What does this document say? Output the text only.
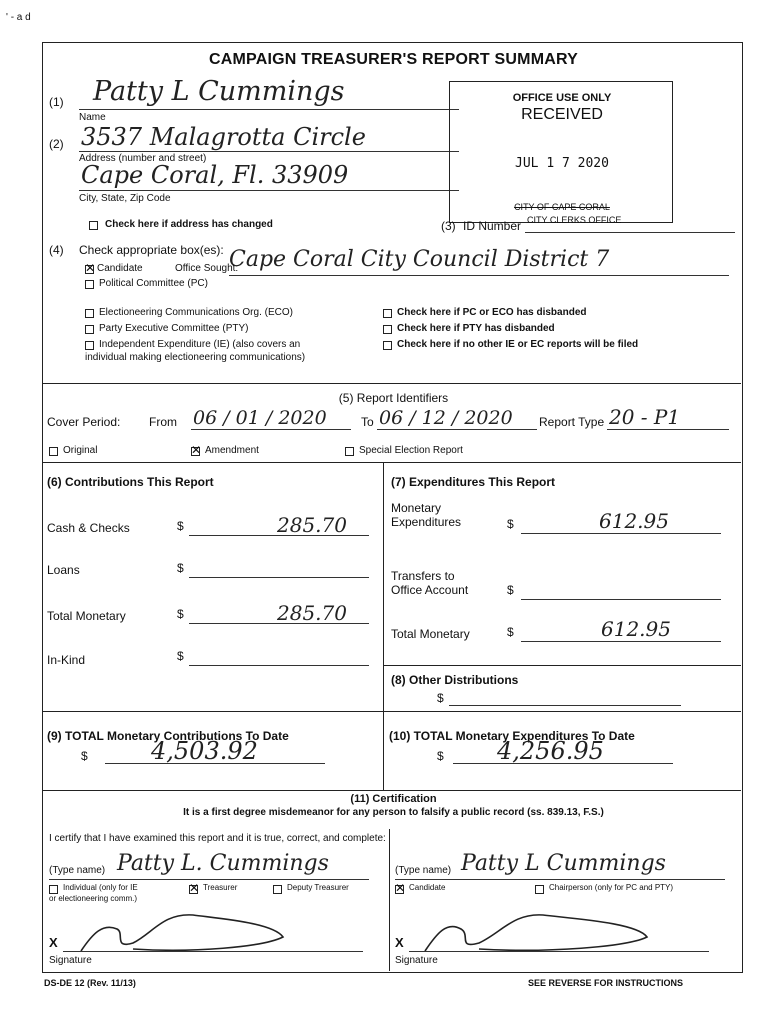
' - a d
CAMPAIGN TREASURER'S REPORT SUMMARY
(1) Patty L Cummings
Name
(2) 3537 Malagrotta Circle
Address (number and street)
Cape Coral, Fl. 33909
City, State, Zip Code
Check here if address has changed
OFFICE USE ONLY
RECEIVED
JUL 1 7 2020
CITY OF CAPE CORAL
(3) ID Number CITY CLERKS OFFICE
(4) Check appropriate box(es):
✕
Candidate	Office Sought:
Cape Coral City Council District 7
Political Committee (PC)
Electioneering Communications Org. (ECO)
Party Executive Committee (PTY)
Independent Expenditure (IE) (also covers an
individual making electioneering communications)
Check here if PC or ECO has disbanded
Check here if PTY has disbanded
Check here if no other IE or EC reports will be filed
(5) Report Identifiers
Cover Period: From 06 / 01 / 2020	To 06 / 12 / 2020 Report Type 20 - P1
Original
✕	Amendment	Special Election Report
(6) Contributions This Report
Cash & Checks	$	285.70
Loans	$
Total Monetary	$	285.70
In-Kind	$
(7) Expenditures This Report
Monetary
Expenditures	$	612.95
Transfers to
Office Account	$
Total Monetary	$	612.95
(8) Other Distributions
$
(9) TOTAL Monetary Contributions To Date
$	4,503.92
(10) TOTAL Monetary Expenditures To Date
$ 4,256.95
(11) Certification
It is a first degree misdemeanor for any person to falsify a public record (ss. 839.13, F.S.)
I certify that I have examined this report and it is true, correct, and complete:
(Type name) Patty L. Cummings
Individual (only for IE
or electioneering comm.)
✕
Treasurer	Deputy Treasurer
X
Signature
(Type name) Patty L Cummings
✕
Candidate	Chairperson (only for PC and PTY)
X
Signature
DS-DE 12 (Rev. 11/13)	SEE REVERSE FOR INSTRUCTIONS
